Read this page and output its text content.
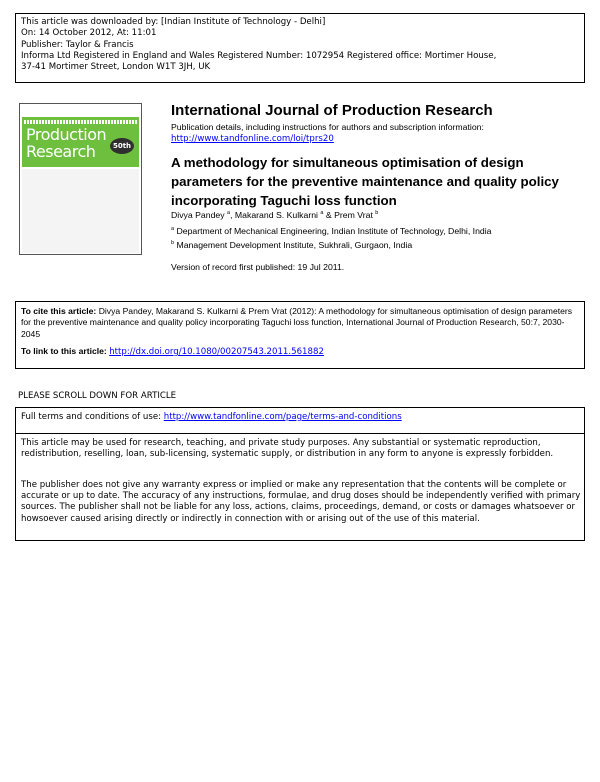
This article was downloaded by: [Indian Institute of Technology - Delhi]
On: 14 October 2012, At: 11:01
Publisher: Taylor & Francis
Informa Ltd Registered in England and Wales Registered Number: 1072954 Registered office: Mortimer House,
37-41 Mortimer Street, London W1T 3JH, UK
Production
Research	50th
International Journal of Production Research
Publication details, including instructions for authors and subscription information:
http://www.tandfonline.com/loi/tprs20
A methodology for simultaneous optimisation of design parameters for the preventive maintenance and quality policy incorporating Taguchi loss function
Divya Pandey $^a$, Makarand S. Kulkarni $^a$ & Prem Vrat $^b$
$^a$ Department of Mechanical Engineering, Indian Institute of Technology, Delhi, India
$^b$ Management Development Institute, Sukhrali, Gurgaon, India
Version of record first published: 19 Jul 2011.
To cite this article: Divya Pandey, Makarand S. Kulkarni & Prem Vrat (2012): A methodology for simultaneous optimisation of design parameters for the preventive maintenance and quality policy incorporating Taguchi loss function, International Journal of Production Research, 50:7, 2030-2045
To link to this article: http://dx.doi.org/10.1080/00207543.2011.561882
PLEASE SCROLL DOWN FOR ARTICLE
Full terms and conditions of use: http://www.tandfonline.com/page/terms-and-conditions
This article may be used for research, teaching, and private study purposes. Any substantial or systematic reproduction, redistribution, reselling, loan, sub-licensing, systematic supply, or distribution in any form to anyone is expressly forbidden.
The publisher does not give any warranty express or implied or make any representation that the contents will be complete or accurate or up to date. The accuracy of any instructions, formulae, and drug doses should be independently verified with primary sources. The publisher shall not be liable for any loss, actions, claims, proceedings, demand, or costs or damages whatsoever or howsoever caused arising directly or indirectly in connection with or arising out of the use of this material.
